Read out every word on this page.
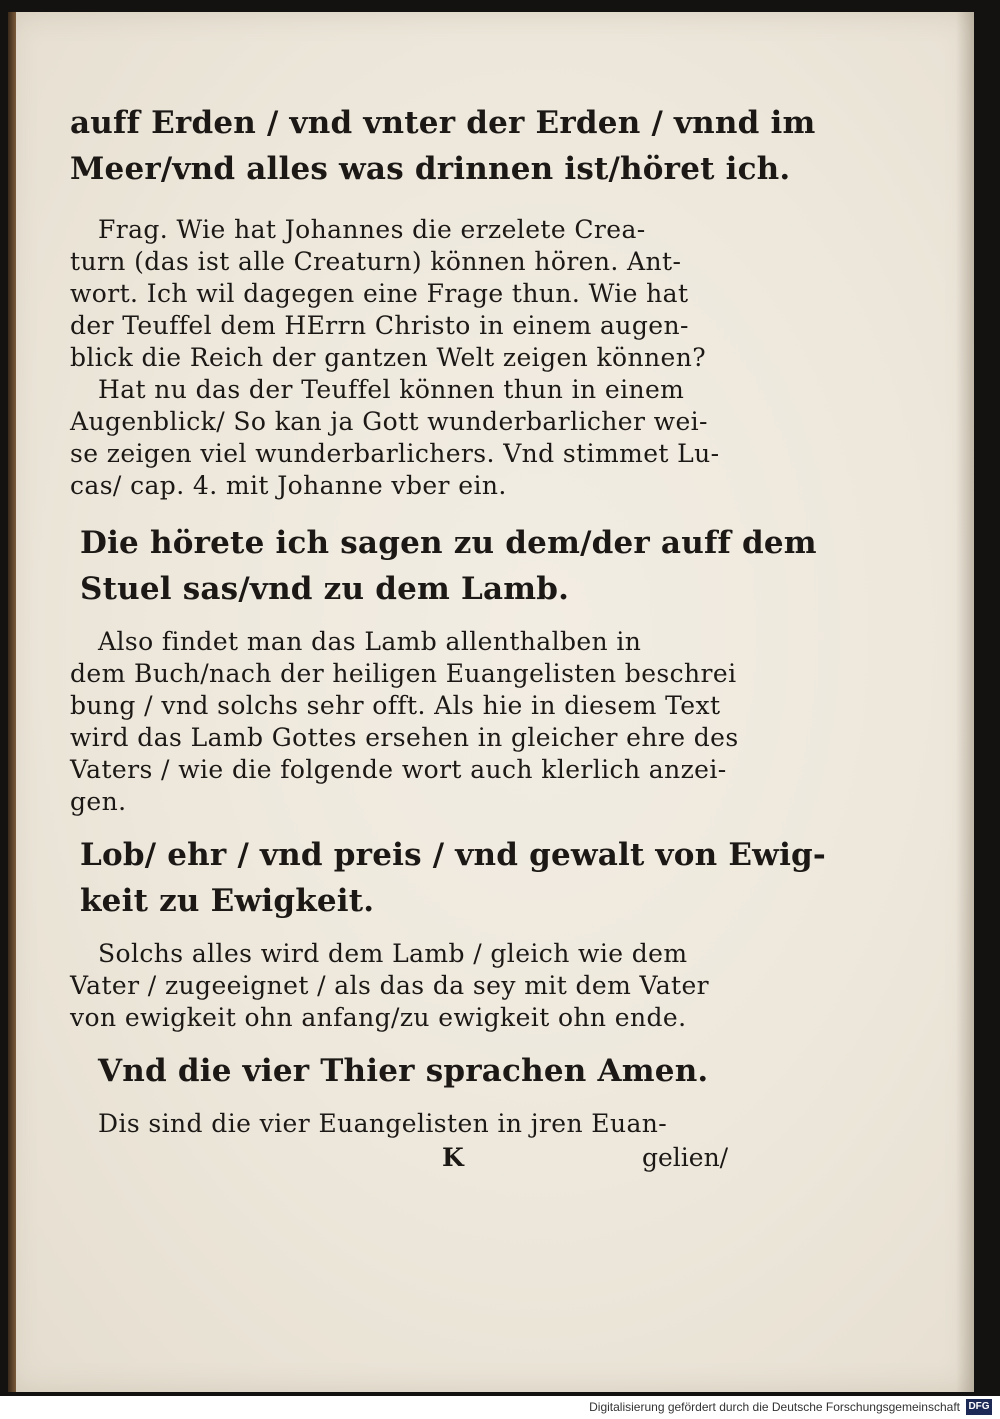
auff Erden / vnd vnter der Erden / vnnd im

Meer/vnd alles was drinnen ist/höret ich.

Frag. Wie hat Johannes die erzelete Crea-

turn (das ist alle Creaturn) können hören. Ant-

wort. Ich wil dagegen eine Frage thun. Wie hat

der Teuffel dem HErrn Christo in einem augen-

blick die Reich der gantzen Welt zeigen können?

Hat nu das der Teuffel können thun in einem

Augenblick/ So kan ja Gott wunderbarlicher wei-

se zeigen viel wunderbarlichers. Vnd stimmet Lu-

cas/ cap. 4. mit Johanne vber ein.

Die hörete ich sagen zu dem/der auff dem

Stuel sas/vnd zu dem Lamb.

Also findet man das Lamb allenthalben in

dem Buch/nach der heiligen Euangelisten beschrei

bung / vnd solchs sehr offt. Als hie in diesem Text

wird das Lamb Gottes ersehen in gleicher ehre des

Vaters / wie die folgende wort auch klerlich anzei-

gen.

Lob/ ehr / vnd preis / vnd gewalt von Ewig-

keit zu Ewigkeit.

Solchs alles wird dem Lamb / gleich wie dem

Vater / zugeeignet / als das da sey mit dem Vater

von ewigkeit ohn anfang/zu ewigkeit ohn ende.

Vnd die vier Thier sprachen Amen.

Dis sind die vier Euangelisten in jren Euan-

K	gelien/
Digitalisierung gefördert durch die Deutsche Forschungsgemeinschaft DFG
